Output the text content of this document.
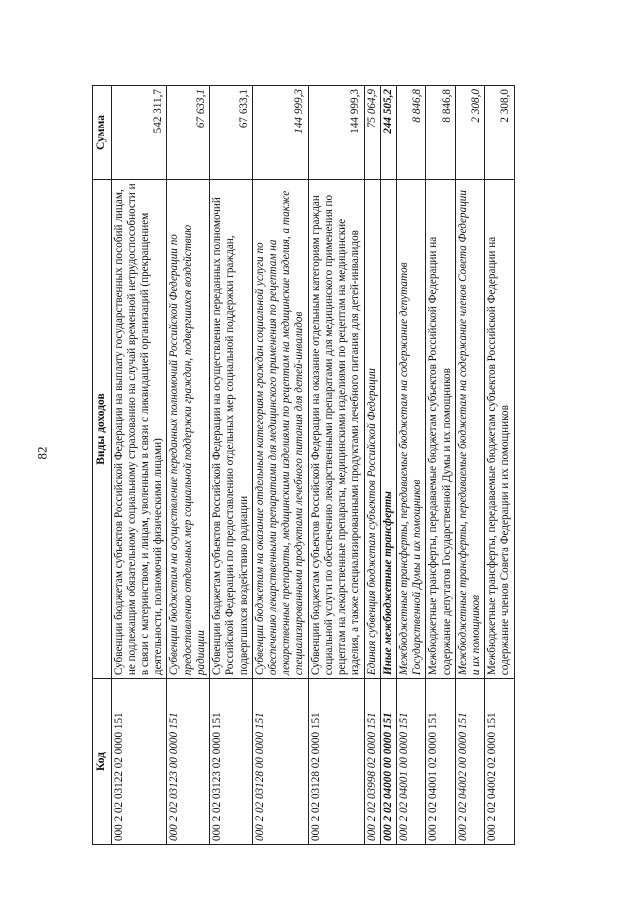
82
Код	Виды доходов	Сумма
000 2 02 03122 02 0000 151	Субвенции бюджетам субъектов Российской Федерации на выплату государственных пособий лицам, не подлежащим обязательному социальному страхованию на случай временной нетрудоспособности и в связи с материнством, и лицам, уволенным в связи с ликвидацией организаций (прекращением деятельности, полномочий физическими лицами)	542 311,7
000 2 02 03123 00 0000 151	Субвенции бюджетам на осуществление переданных полномочий Российской Федерации по предоставлению отдельных мер социальной поддержки граждан, подвергшихся воздействию радиации	67 633,1
000 2 02 03123 02 0000 151	Субвенции бюджетам субъектов Российской Федерации на осуществление переданных полномочий Российской Федерации по предоставлению отдельных мер социальной поддержки граждан, подвергшихся воздействию радиации	67 633,1
000 2 02 03128 00 0000 151	Субвенции бюджетам на оказание отдельным категориям граждан социальной услуги по обеспечению лекарственными препаратами для медицинского применения по рецептам на лекарственные препараты, медицинскими изделиями по рецептам на медицинские изделия, а также специализированными продуктами лечебного питания для детей-инвалидов	144 999,3
000 2 02 03128 02 0000 151	Субвенции бюджетам субъектов Российской Федерации на оказание отдельным категориям граждан социальной услуги по обеспечению лекарственными препаратами для медицинского применения по рецептам на лекарственные препараты, медицинскими изделиями по рецептам на медицинские изделия, а также специализированными продуктами лечебного питания для детей-инвалидов	144 999,3
000 2 02 03998 02 0000 151	Единая субвенция бюджетам субъектов Российской Федерации	75 064,9
000 2 02 04000 00 0000 151	Иные межбюджетные трансферты	244 505,2
000 2 02 04001 00 0000 151	Межбюджетные трансферты, передаваемые бюджетам на содержание депутатов Государственной Думы и их помощников	8 846,8
000 2 02 04001 02 0000 151	Межбюджетные трансферты, передаваемые бюджетам субъектов Российской Федерации на содержание депутатов Государственной Думы и их помощников	8 846,8
000 2 02 04002 00 0000 151	Межбюджетные трансферты, передаваемые бюджетам на содержание членов Совета Федерации и их помощников	2 308,0
000 2 02 04002 02 0000 151	Межбюджетные трансферты, передаваемые бюджетам субъектов Российской Федерации на содержание членов Совета Федерации и их помощников	2 308,0
